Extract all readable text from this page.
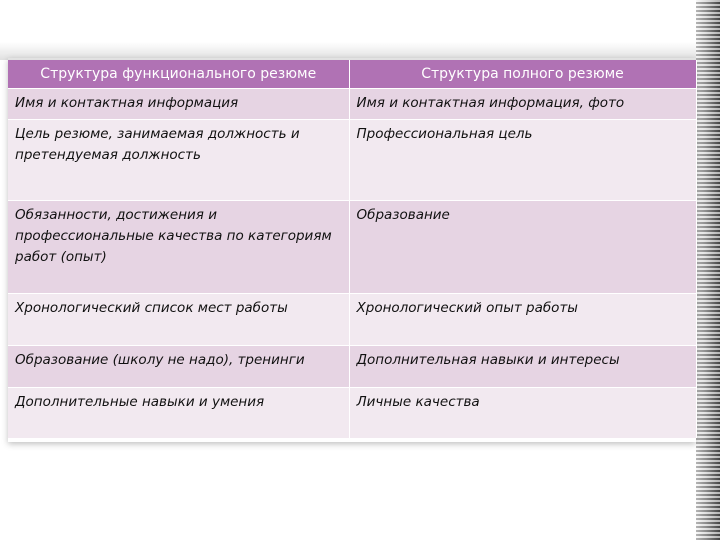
Структура функционального резюме	Структура полного резюме
Имя и контактная информация	Имя и контактная информация, фото
Цель резюме, занимаемая должность и претендуемая должность	Профессиональная цель
Обязанности, достижения и профессиональные качества по категориям работ (опыт)	Образование
Хронологический список мест работы	Хронологический опыт работы
Образование (школу не надо), тренинги	Дополнительная навыки и интересы
Дополнительные навыки и умения	Личные качества
